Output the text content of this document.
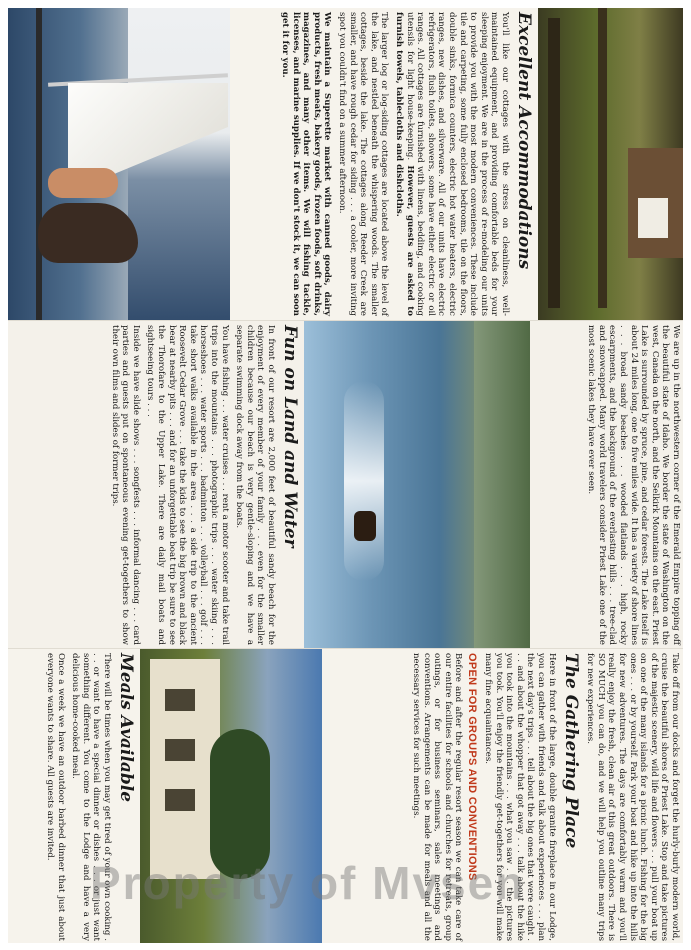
Excellent Accommodations

You'll like our cottages with the stress on cleanliness, well-maintained equipment, and providing comfortable beds for your sleeping enjoyment. We are in the process of re-modeling our units to provide you with the most modern conveniences. These include tile and carpeting, some fully enclosed bedrooms, tile on the floors, double sinks, formica counters, electric hot water heaters, electric ranges, new dishes, and silverware. All of our units have electric refrigerators, flush toilets, showers, some have either electric or oil ranges. All cottages are furnished with linens, bedding, and cooking utensils for light house-keeping. However, guests are asked to furnish towels, tablecloths and dishcloths.

The larger log or log-siding cottages are located above the level of the lake, and nestled beneath the whispering woods. The smaller cottages, beside the lake. The cottages along Reeder Creek are smaller, and have rough cedar for siding . . . a cooler, more inviting spot you couldn't find on a summer afternoon.

We maintain a Superette market with canned goods, dairy products, fresh meats, bakery goods, frozen foods, soft drinks, magazines, and many other items. We will fishing tackle, licenses, and marine supplies. If we don't stock it, we can soon get it for you.

Fun on Land and Water

In front of our resort are 2,000 feet of beautiful sandy beach for the enjoyment of every member of your family . . . even for the smaller children because our beach is very gentle-sloping and we have a separate swimming dock away from the boats.

You have fishing . . . water cruises . . . rent a motor scooter and take trail trips into the mountains . . . photographic trips . . . water skiing . . . horseshoes . . . water sports . . . badminton . . . volleyball . . . golf . . . take short walks available in the area . . . a side trip to the ancient Roosevelt Cedar Grove . . . take the kids to see the big brown and black bear at nearby pits . . . and for an unforgettable boat trip be sure to see the Thorofare to the Upper Lake. There are daily mail boats and sightseeing tours . . .

Inside we have slide shows . . . songfests . . . informal dancing . . . card parties and guests put on spontaneous evening get-togethers to show their own films and slides of former trips.	We are up in the northwestern corner of the Emerald Empire topping off the beautiful state of Idaho. We border the state of Washington on the west, Canada on the north, and the Selkirk Mountains on the east. Priest Lake is surrounded by spruce, pine, and cedar forests. The Lake itself is about 24 miles long, one to five miles wide. It has a variety of shore lines . . . broad sandy beaches . . . wooded flatlands . . . high, rocky escarpments, and the background of the everlasting hills . . . tree-clad and snowcapped. Many world travelers consider Priest Lake one of the most scenic lakes they have ever seen.

Meals Available

There will be times when you may get tired of your own cooking . . . or want to have a special dinner or dishes . . . or just want something different. You come to the Lodge and have a very delicious home-cooked meal.

Once a week we have an outdoor barbed dinner that just about everyone wants to share. All guests are invited.	Take off from our docks and forget the hurly-burly modern world, cruise the beautiful shores of Priest Lake. Stop and take pictures of the majestic scenery, wild life and flowers . . . pull your boat up on one of the many islands for a picnic lunch. Fishing for the big ones . . . or by yourself. Park your boat and hike up into the hills for new adventures. The days are comfortably warm and you'll really enjoy the fresh, clean air of this great outdoors. There is SO MUCH you can do, and we will help you outline many trips for new experiences.

The Gathering Place

Here in front of the large, double granite fireplace in our Lodge, you can gather with friends and talk about experiences . . . plan the next day's trips . . . tell about the big ones that were caught . . . and about the whopper that got away . . . talk about the hike you took into the mountains . . . what you saw . . . the pictures you took. You'll enjoy the friendly get-togethers for you will make many fine acquaintances.

OPEN FOR GROUPS AND CONVENTIONS

Before and after the regular resort season we can take care of our entire facilities for schools and churches for retreats, group outings, or for business seminars, sales meetings and conventions. Arrangements can be made for meals and all the necessary services for such meetings.

Property of Mvsen
